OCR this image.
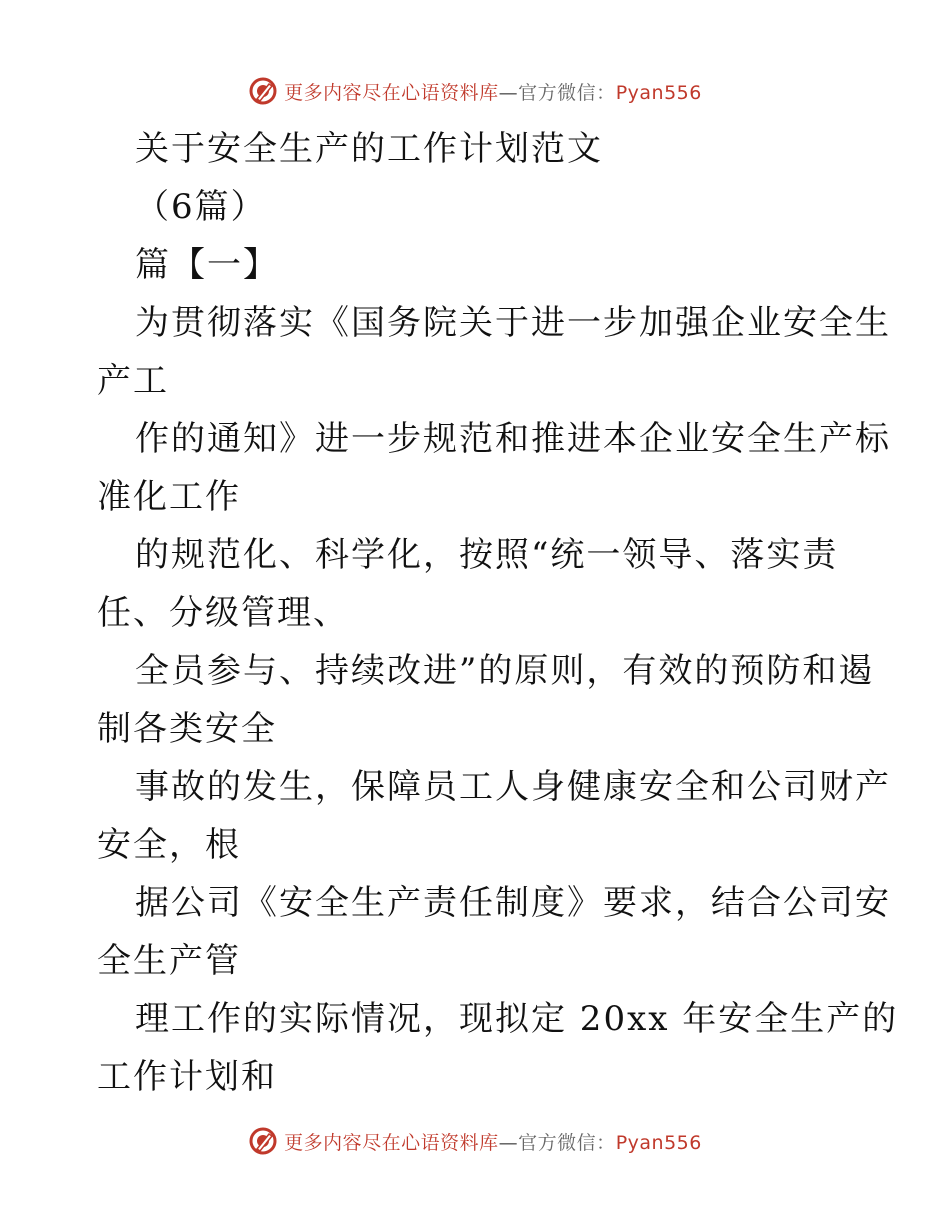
更多内容尽在心语资料库—官方微信：Pyan556
关于安全生产的工作计划范文
（6篇）
篇【一】
为贯彻落实《国务院关于进一步加强企业安全生
产工
作的通知》进一步规范和推进本企业安全生产标
准化工作
的规范化、科学化，按照“统一领导、落实责
任、分级管理、
全员参与、持续改进”的原则，有效的预防和遏
制各类安全
事故的发生，保障员工人身健康安全和公司财产
安全，根
据公司《安全生产责任制度》要求，结合公司安
全生产管
理工作的实际情况，现拟定 20xx 年安全生产的
工作计划和
更多内容尽在心语资料库—官方微信：Pyan556
